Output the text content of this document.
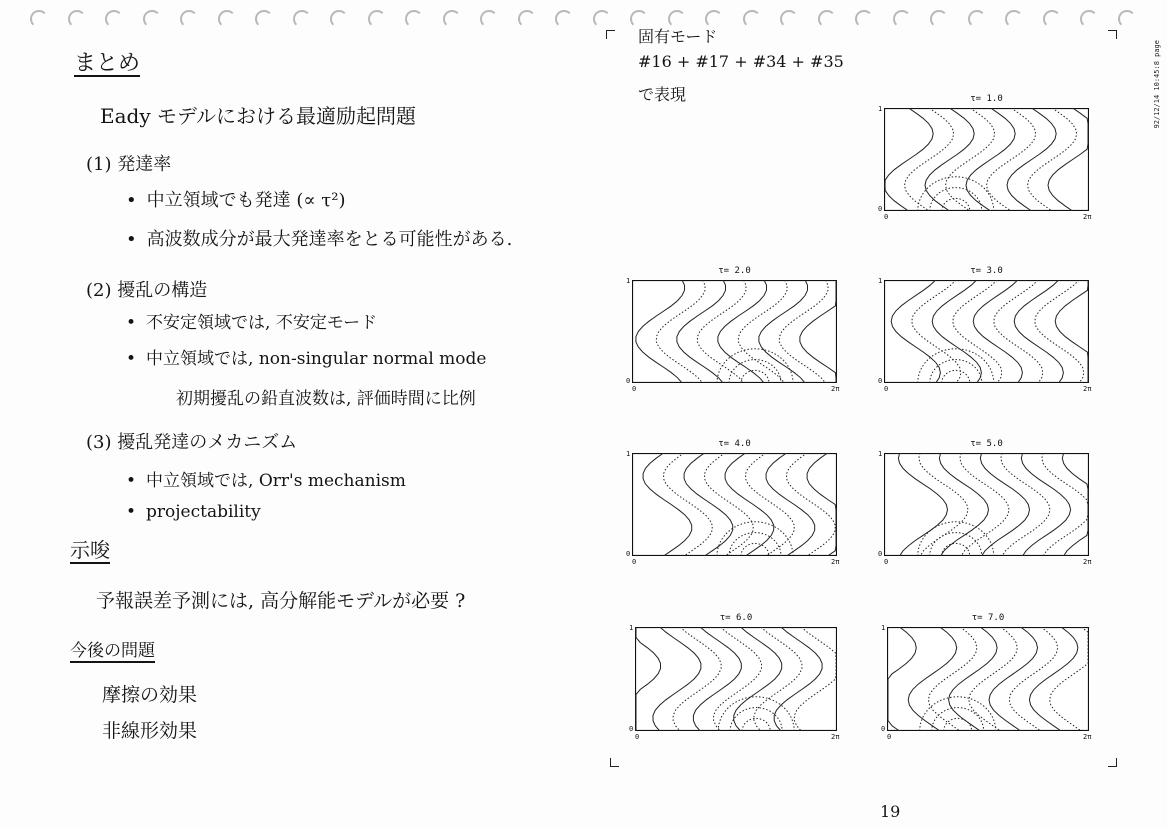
まとめ
Eady モデルにおける最適励起問題
(1) 発達率
• 中立領域でも発達 (∝ τ²)
• 高波数成分が最大発達率をとる可能性がある.
(2) 擾乱の構造
• 不安定領域では, 不安定モード
• 中立領域では, non-singular normal mode
初期擾乱の鉛直波数は, 評価時間に比例
(3) 擾乱発達のメカニズム
• 中立領域では, Orr's mechanism
• projectability
示唆
予報誤差予測には, 高分解能モデルが必要 ?
今後の問題
摩擦の効果
非線形効果
固有モード
#16 + #17 + #34 + #35
で表現	92/12/14 10:45:8 page
19
τ= 1.0
1
0
0	2π
τ= 2.0
1
0
0	2π
τ= 3.0
1
0
0	2π
τ= 4.0
1
0
0	2π
τ= 5.0
1
0
0	2π
τ= 6.0
1
0
0	2π
τ= 7.0
1
0
0	2π
